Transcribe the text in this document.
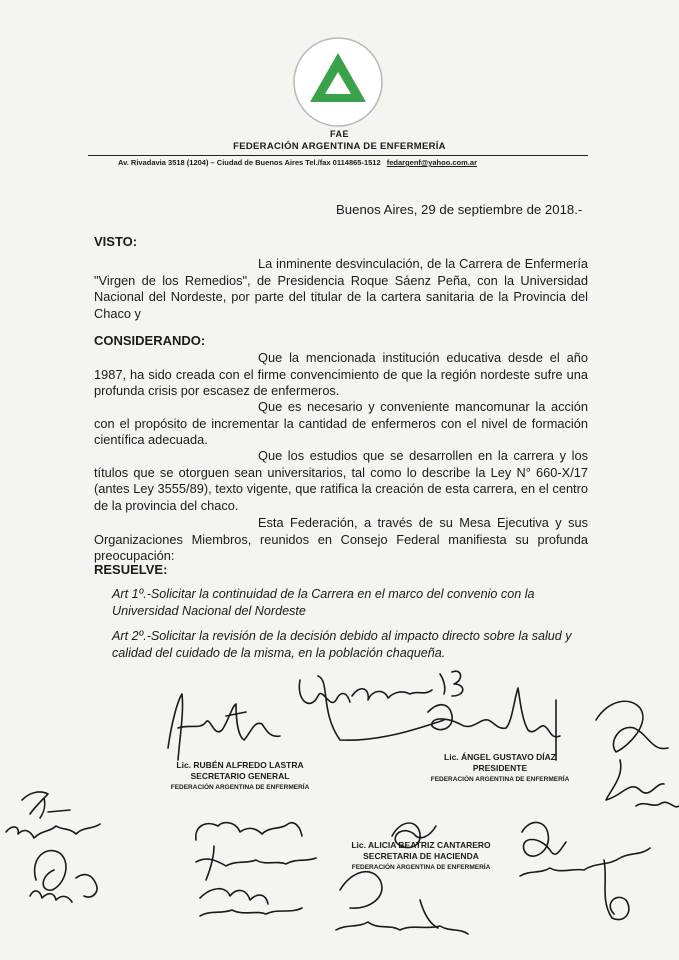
FAE
FEDERACIÓN ARGENTINA DE ENFERMERÍA
Av. Rivadavia 3518 (1204) – Ciudad de Buenos Aires Tel./fax 0114865-1512 fedargenf@yahoo.com.ar
Buenos Aires, 29 de septiembre de 2018.-
VISTO:

La inminente desvinculación, de la Carrera de Enfermería "Virgen de los Remedios", de Presidencia Roque Sáenz Peña, con la Universidad Nacional del Nordeste, por parte del titular de la cartera sanitaria de la Provincia del Chaco y

CONSIDERANDO:

Que la mencionada institución educativa desde el año 1987, ha sido creada con el firme convencimiento de que la región nordeste sufre una profunda crisis por escasez de enfermeros.

Que es necesario y conveniente mancomunar la acción con el propósito de incrementar la cantidad de enfermeros con el nivel de formación científica adecuada.

Que los estudios que se desarrollen en la carrera y los títulos que se otorguen sean universitarios, tal como lo describe la Ley N° 660-X/17 (antes Ley 3555/89), texto vigente, que ratifica la creación de esta carrera, en el centro de la provincia del chaco.

Esta Federación, a través de su Mesa Ejecutiva y sus Organizaciones Miembros, reunidos en Consejo Federal manifiesta su profunda preocupación:

RESUELVE:

Art 1º.-Solicitar la continuidad de la Carrera en el marco del convenio con la Universidad Nacional del Nordeste

Art 2º.-Solicitar la revisión de la decisión debido al impacto directo sobre la salud y calidad del cuidado de la misma, en la población chaqueña.

Lic. RUBÉN ALFREDO LASTRA
SECRETARIO GENERAL
FEDERACIÓN ARGENTINA DE ENFERMERÍA
Lic. ÁNGEL GUSTAVO DÍAZ
PRESIDENTE
FEDERACIÓN ARGENTINA DE ENFERMERÍA
Lic. ALICIA BEATRIZ CANTARERO
SECRETARIA DE HACIENDA
FEDERACIÓN ARGENTINA DE ENFERMERÍA
